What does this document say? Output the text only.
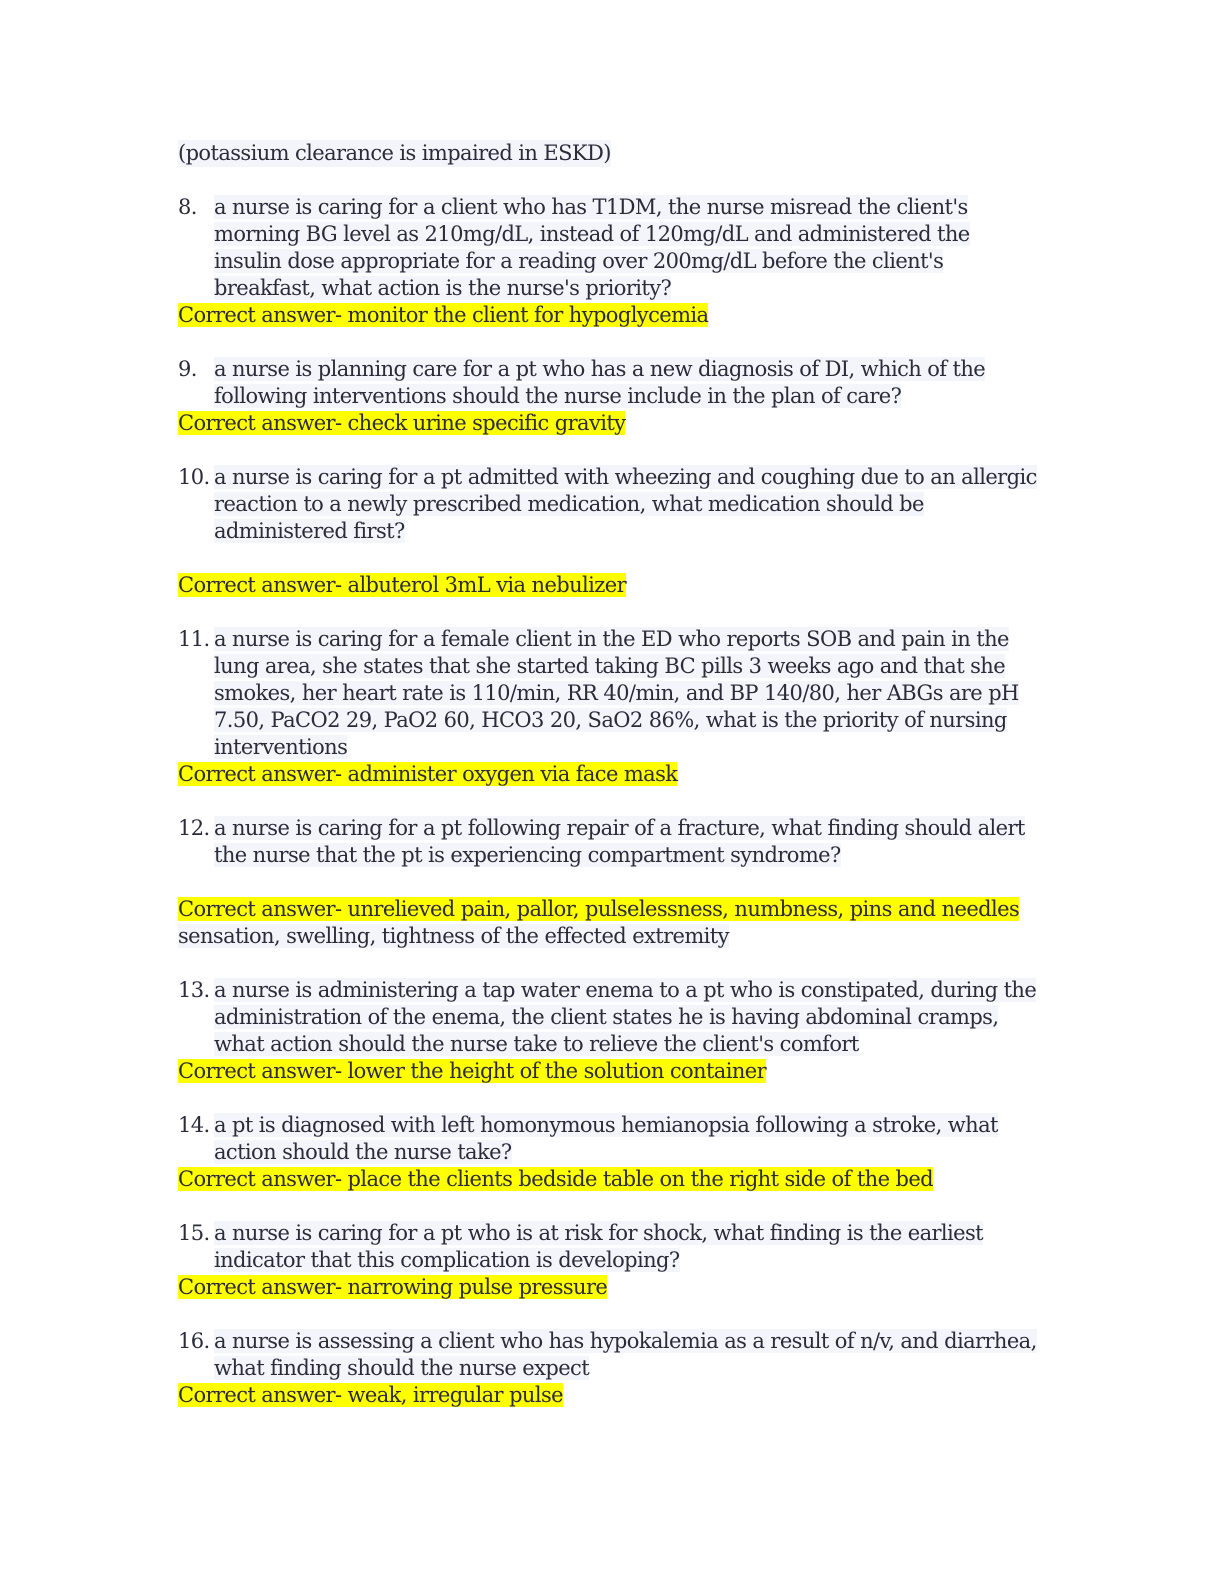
(potassium clearance is impaired in ESKD)
8. a nurse is caring for a client who has T1DM, the nurse misread the client's
morning BG level as 210mg/dL, instead of 120mg/dL and administered the
insulin dose appropriate for a reading over 200mg/dL before the client's
breakfast, what action is the nurse's priority?
Correct answer- monitor the client for hypoglycemia
9. a nurse is planning care for a pt who has a new diagnosis of DI, which of the
following interventions should the nurse include in the plan of care?
Correct answer- check urine specific gravity
10. a nurse is caring for a pt admitted with wheezing and coughing due to an allergic
reaction to a newly prescribed medication, what medication should be
administered first?
Correct answer- albuterol 3mL via nebulizer
11. a nurse is caring for a female client in the ED who reports SOB and pain in the
lung area, she states that she started taking BC pills 3 weeks ago and that she
smokes, her heart rate is 110/min, RR 40/min, and BP 140/80, her ABGs are pH
7.50, PaCO2 29, PaO2 60, HCO3 20, SaO2 86%, what is the priority of nursing
interventions
Correct answer- administer oxygen via face mask
12. a nurse is caring for a pt following repair of a fracture, what finding should alert
the nurse that the pt is experiencing compartment syndrome?
Correct answer- unrelieved pain, pallor, pulselessness, numbness, pins and needles
sensation, swelling, tightness of the effected extremity
13. a nurse is administering a tap water enema to a pt who is constipated, during the
administration of the enema, the client states he is having abdominal cramps,
what action should the nurse take to relieve the client's comfort
Correct answer- lower the height of the solution container
14. a pt is diagnosed with left homonymous hemianopsia following a stroke, what
action should the nurse take?
Correct answer- place the clients bedside table on the right side of the bed
15. a nurse is caring for a pt who is at risk for shock, what finding is the earliest
indicator that this complication is developing?
Correct answer- narrowing pulse pressure
16. a nurse is assessing a client who has hypokalemia as a result of n/v, and diarrhea,
what finding should the nurse expect
Correct answer- weak, irregular pulse
